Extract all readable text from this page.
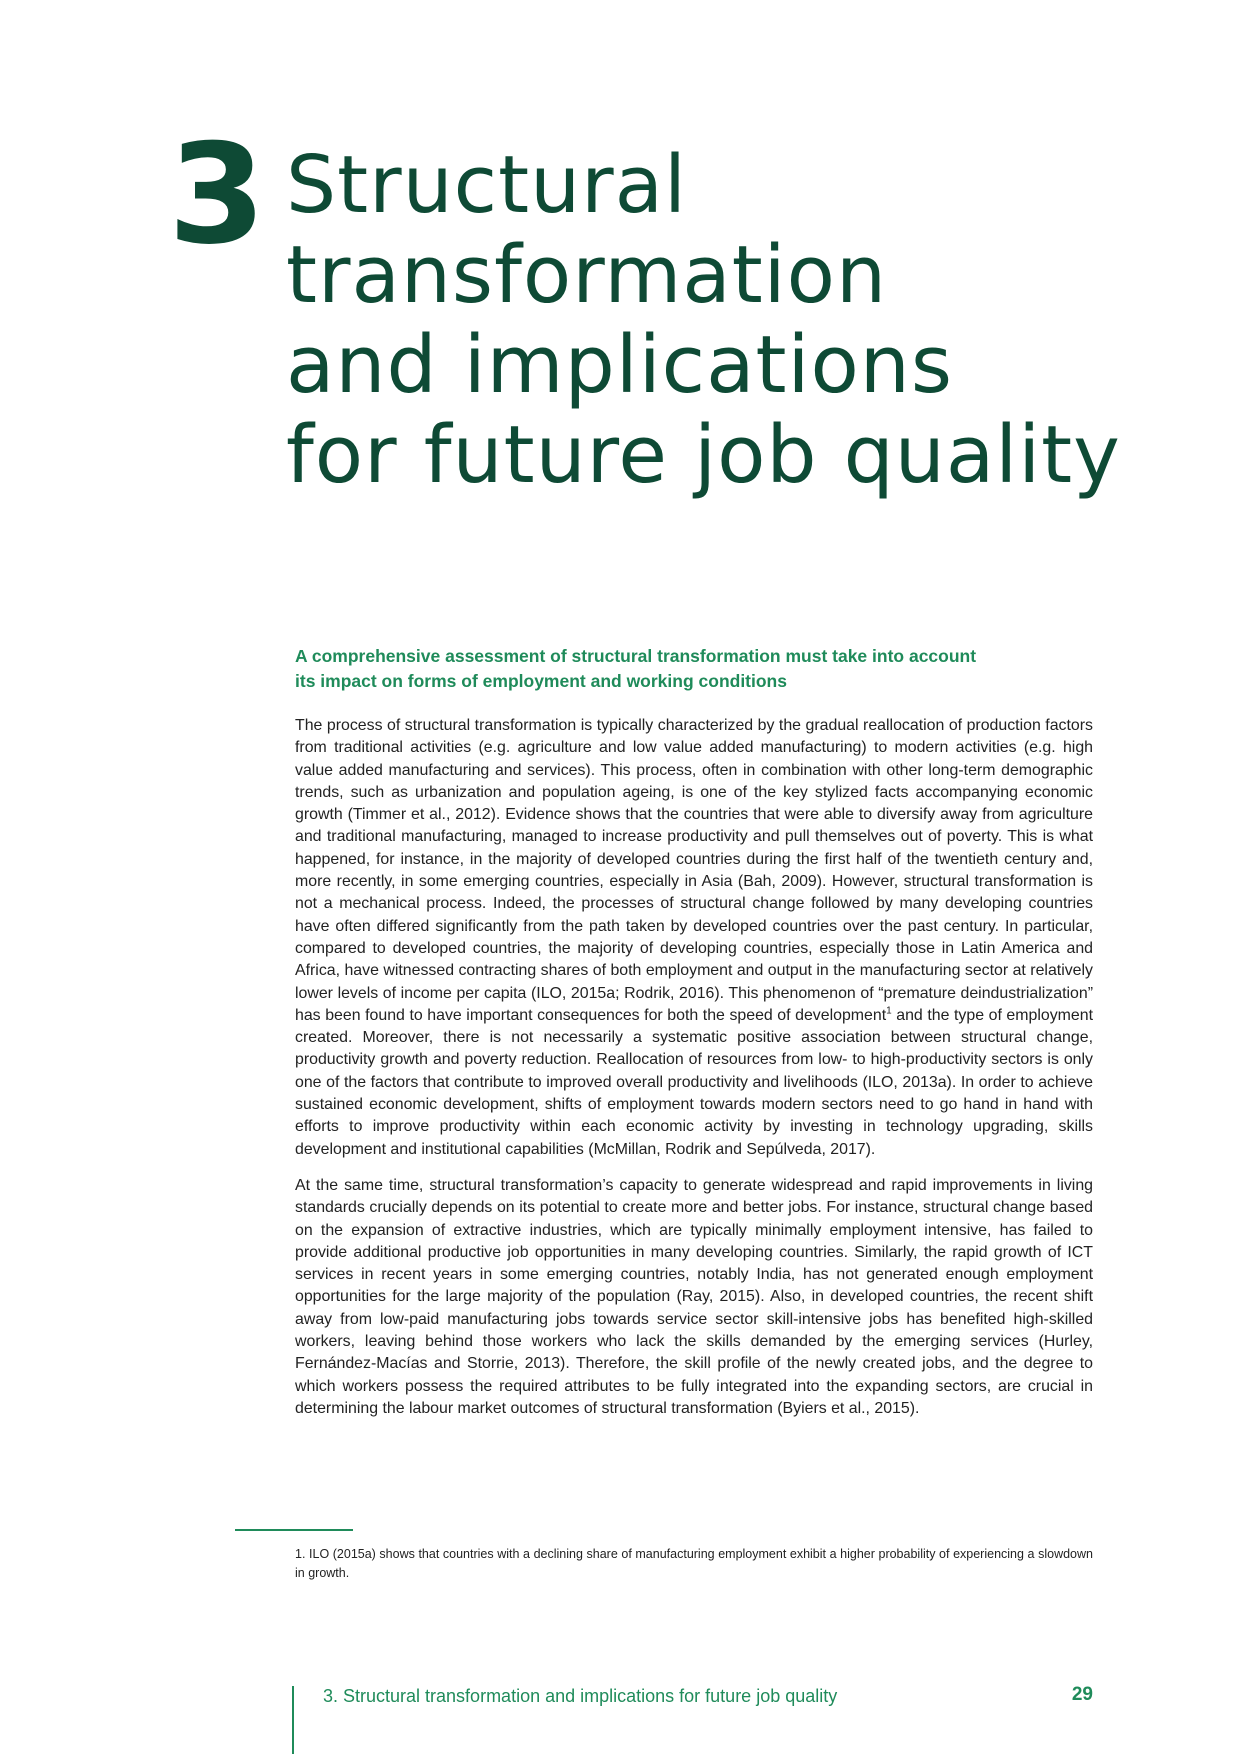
3 Structural
transformation
and implications
for future job quality
A comprehensive assessment of structural transformation must take into account
its impact on forms of employment and working conditions

The process of structural transformation is typically characterized by the gradual reallocation of production factors from traditional activities (e.g. agriculture and low value added manufacturing) to modern activities (e.g. high value added manufacturing and services). This process, often in combination with other long-term demographic trends, such as urbanization and population ageing, is one of the key stylized facts accompanying economic growth (Timmer et al., 2012). Evidence shows that the countries that were able to diversify away from agriculture and traditional manufacturing, managed to increase productivity and pull themselves out of poverty. This is what happened, for instance, in the majority of developed countries during the first half of the twentieth century and, more recently, in some emerging countries, especially in Asia (Bah, 2009). However, structural transformation is not a mechanical process. Indeed, the processes of structural change followed by many developing countries have often differed significantly from the path taken by developed countries over the past century. In particular, compared to developed countries, the majority of developing countries, especially those in Latin America and Africa, have witnessed contracting shares of both employment and output in the manufacturing sector at relatively lower levels of income per capita (ILO, 2015a; Rodrik, 2016). This phenomenon of “premature deindustrialization” has been found to have important consequences for both the speed of development$^1$ and the type of employment created. Moreover, there is not necessarily a systematic positive association between structural change, productivity growth and poverty reduction. Reallocation of resources from low- to high-productivity sectors is only one of the factors that contribute to improved overall productivity and livelihoods (ILO, 2013a). In order to achieve sustained economic development, shifts of employment towards modern sectors need to go hand in hand with efforts to improve productivity within each economic activity by investing in technology upgrading, skills development and institutional capabilities (McMillan, Rodrik and Sepúlveda, 2017).

At the same time, structural transformation’s capacity to generate widespread and rapid improvements in living standards crucially depends on its potential to create more and better jobs. For instance, structural change based on the expansion of extractive industries, which are typically minimally employment intensive, has failed to provide additional productive job opportunities in many developing countries. Similarly, the rapid growth of ICT services in recent years in some emerging countries, notably India, has not generated enough employment opportunities for the large majority of the population (Ray, 2015). Also, in developed countries, the recent shift away from low-paid manufacturing jobs towards service sector skill-intensive jobs has benefited high-skilled workers, leaving behind those workers who lack the skills demanded by the emerging services (Hurley, Fernández-Macías and Storrie, 2013). Therefore, the skill profile of the newly created jobs, and the degree to which workers possess the required attributes to be fully integrated into the expanding sectors, are crucial in determining the labour market outcomes of structural transformation (Byiers et al., 2015).

1. ILO (2015a) shows that countries with a declining share of manufacturing employment exhibit a higher probability of experiencing a slowdown in growth.

3. Structural transformation and implications for future job quality	29
